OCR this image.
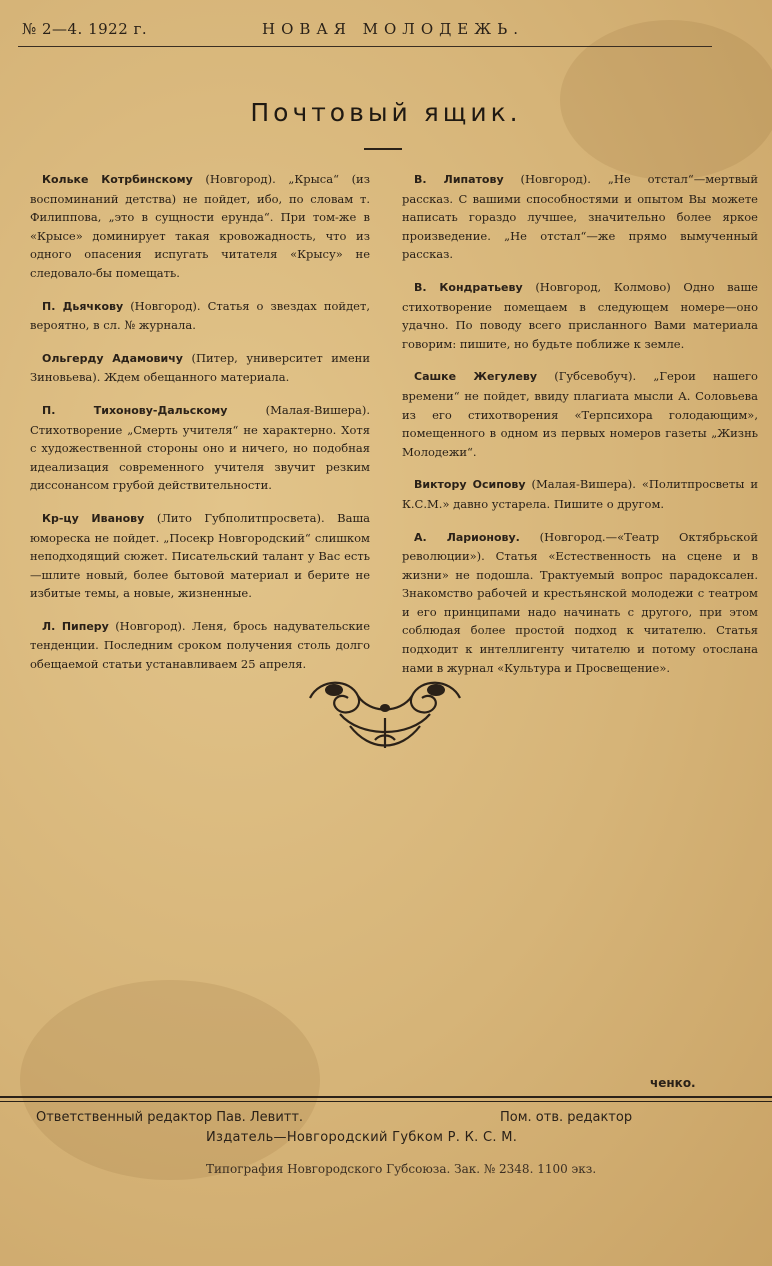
№ 2—4. 1922 г.	НОВАЯ МОЛОДЕЖЬ.
Почтовый ящик.

Кольке Котрбинскому (Новгород). „Крыса“ (из воспоминаний детства) не пойдет, ибо, по словам т. Филиппова, „это в сущности ерунда“. При том-же в «Крысе» доминирует такая кровожадность, что из одного опасения испугать читателя «Крысу» не следовало-бы помещать.

П. Дьячкову (Новгород). Статья о звездах пойдет, вероятно, в сл. № журнала.

Ольгерду Адамовичу (Питер, университет имени Зиновьева). Ждем обещанного материала.

П. Тихонову-Дальскому (Малая-Вишера). Стихотворение „Смерть учителя“ не характерно. Хотя с художественной стороны оно и ничего, но подобная идеализация современного учителя звучит резким диссонансом грубой действительности.

Кр-цу Иванову (Лито Губполитпросвета). Ваша юмореска не пойдет. „Посекр Новгородский“ слишком неподходящий сюжет. Писательский талант у Вас есть—шлите новый, более бытовой материал и берите не избитые темы, а новые, жизненные.

Л. Пиперу (Новгород). Леня, брось надувательские тенденции. Последним сроком получения столь долго обещаемой статьи устанавливаем 25 апреля.

В. Липатову (Новгород). „Не отстал“—мертвый рассказ. С вашими способностями и опытом Вы можете написать гораздо лучшее, значительно более яркое произведение. „Не отстал“—же прямо вымученный рассказ.

В. Кондратьеву (Новгород, Колмово) Одно ваше стихотворение помещаем в следующем номере—оно удачно. По поводу всего присланного Вами материала говорим: пишите, но будьте поближе к земле.

Сашке Жегулеву (Губсевобуч). „Герои нашего времени“ не пойдет, ввиду плагиата мысли А. Соловьева из его стихотворения «Терпсихора голодающим», помещенного в одном из первых номеров газеты „Жизнь Молодежи“.

Виктору Осипову (Малая-Вишера). «Политпросветы и К.С.М.» давно устарела. Пишите о другом.

А. Ларионову. (Новгород.—«Театр Октябрьской революции»). Статья «Естественность на сцене и в жизни» не подошла. Трактуемый вопрос парадоксален. Знакомство рабочей и крестьянской молодежи с театром и его принципами надо начинать с другого, при этом соблюдая более простой подход к читателю. Статья подходит к интеллигенту читателю и потому отослана нами в журнал «Культура и Просвещение».

ченко.
Ответственный редактор Пав. Левитт.	Пом. отв. редактор
Издатель—Новгородский Губком Р. К. С. М.
Типография Новгородского Губсоюза. Зак. № 2348. 1100 экз.
